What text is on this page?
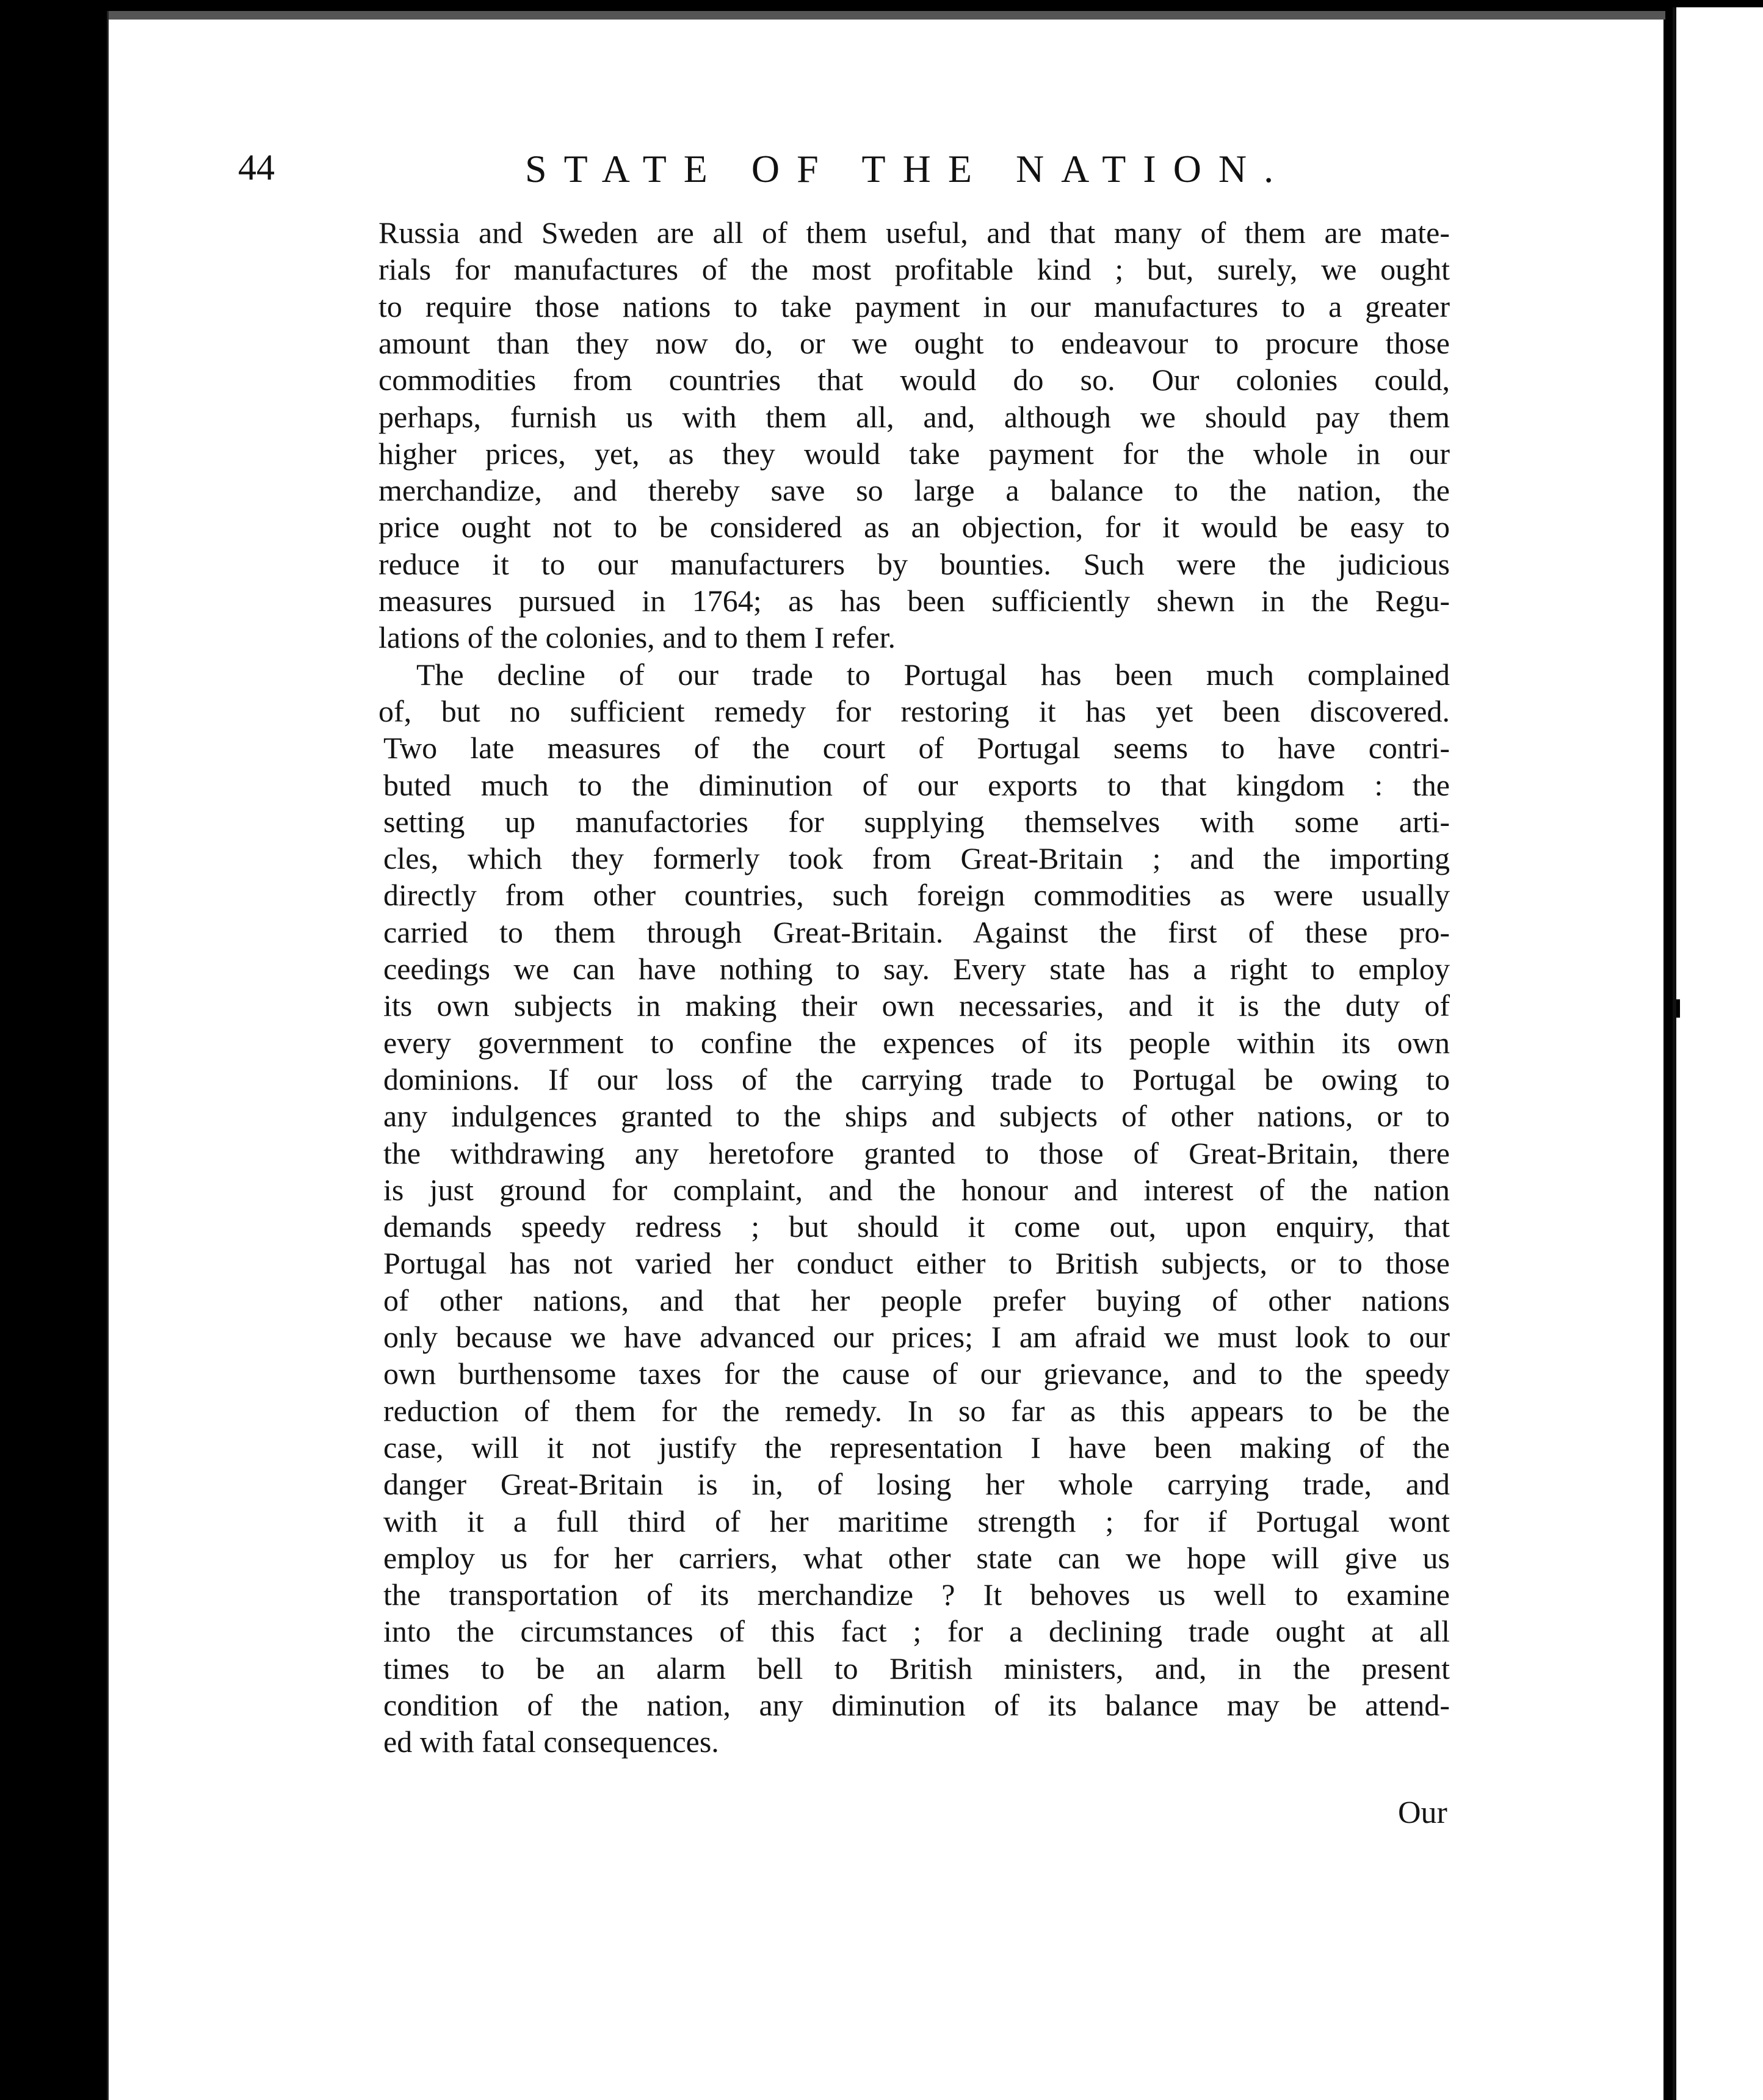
44	STATE OF THE NATION.
Russia and Sweden are all of them useful, and that many of them are mate-
rials for manufactures of the most profitable kind ; but, surely, we ought
to require those nations to take payment in our manufactures to a greater
amount than they now do, or we ought to endeavour to procure those
commodities from countries that would do so. Our colonies could,
perhaps, furnish us with them all, and, although we should pay them
higher prices, yet, as they would take payment for the whole in our
merchandize, and thereby save so large a balance to the nation, the
price ought not to be considered as an objection, for it would be easy to
reduce it to our manufacturers by bounties. Such were the judicious
measures pursued in 1764; as has been sufficiently shewn in the Regu-
lations of the colonies, and to them I refer.
The decline of our trade to Portugal has been much complained
of, but no sufficient remedy for restoring it has yet been discovered.
Two late measures of the court of Portugal seems to have contri-
buted much to the diminution of our exports to that kingdom : the
setting up manufactories for supplying themselves with some arti-
cles, which they formerly took from Great-Britain ; and the importing
directly from other countries, such foreign commodities as were usually
carried to them through Great-Britain. Against the first of these pro-
ceedings we can have nothing to say. Every state has a right to employ
its own subjects in making their own necessaries, and it is the duty of
every government to confine the expences of its people within its own
dominions. If our loss of the carrying trade to Portugal be owing to
any indulgences granted to the ships and subjects of other nations, or to
the withdrawing any heretofore granted to those of Great-Britain, there
is just ground for complaint, and the honour and interest of the nation
demands speedy redress ; but should it come out, upon enquiry, that
Portugal has not varied her conduct either to British subjects, or to those
of other nations, and that her people prefer buying of other nations
only because we have advanced our prices; I am afraid we must look to our
own burthensome taxes for the cause of our grievance, and to the speedy
reduction of them for the remedy. In so far as this appears to be the
case, will it not justify the representation I have been making of the
danger Great-Britain is in, of losing her whole carrying trade, and
with it a full third of her maritime strength ; for if Portugal wont
employ us for her carriers, what other state can we hope will give us
the transportation of its merchandize ? It behoves us well to examine
into the circumstances of this fact ; for a declining trade ought at all
times to be an alarm bell to British ministers, and, in the present
condition of the nation, any diminution of its balance may be attend-
ed with fatal consequences.
Our
